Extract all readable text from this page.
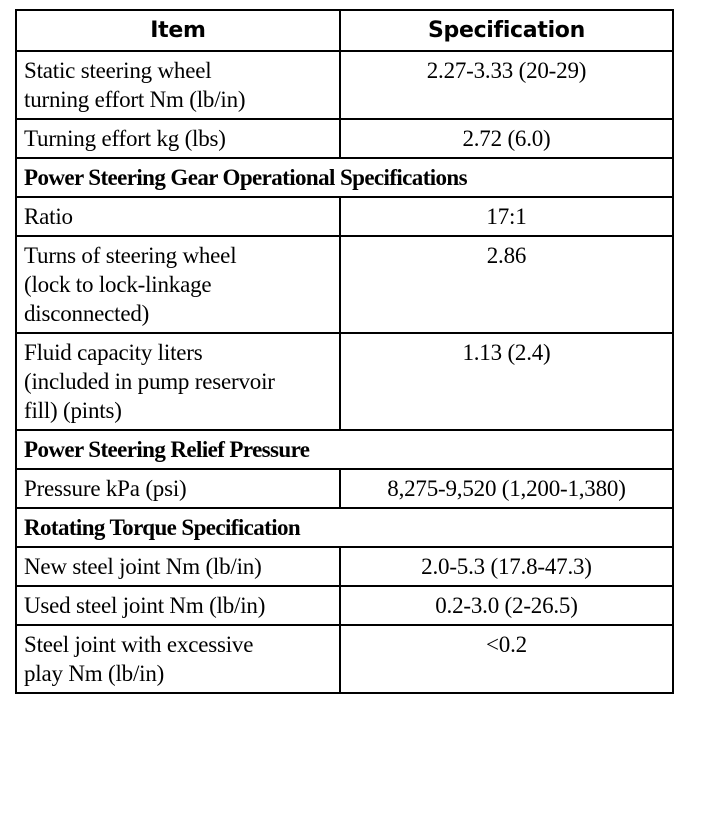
Item	Specification

Static steering wheel
turning effort Nm (lb/in)	2.27-3.33 (20-29)

Turning effort kg (lbs)	2.72 (6.0)
Power Steering Gear Operational Specifications	

Ratio	17:1

Turns of steering wheel
(lock to lock-linkage
disconnected)	2.86

Fluid capacity liters
(included in pump reservoir
fill) (pints)	1.13 (2.4)
Power Steering Relief Pressure	

Pressure kPa (psi)	8,275-9,520 (1,200-1,380)
Rotating Torque Specification	

New steel joint Nm (lb/in)	2.0-5.3 (17.8-47.3)

Used steel joint Nm (lb/in)	0.2-3.0 (2-26.5)

Steel joint with excessive
play Nm (lb/in)	<0.2
